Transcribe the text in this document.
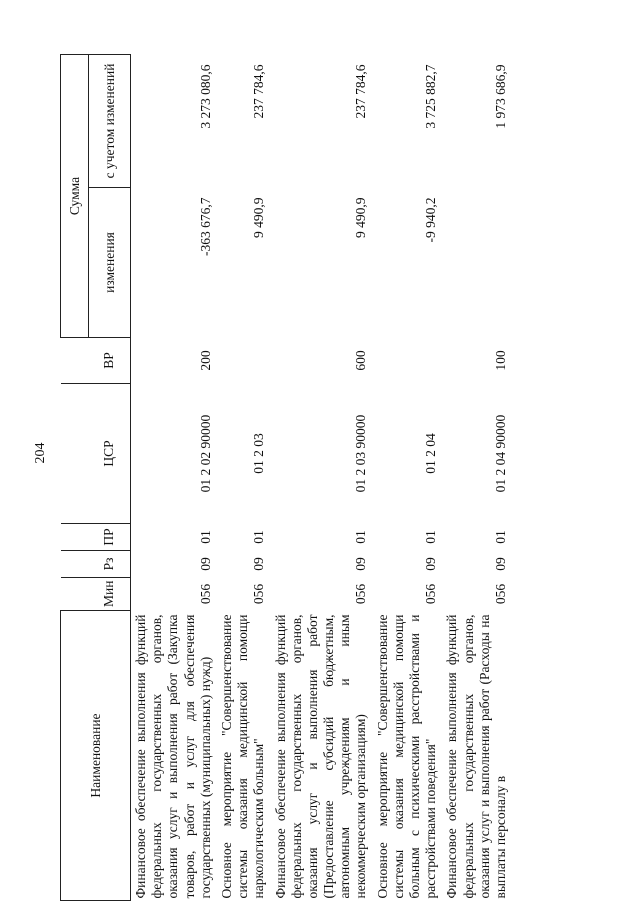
204
Наименование						Сумма	
	Мин	Рз	ПР	ЦСР	ВР	изменения	с учетом изменений
Финансовое обеспечение выполнения функций федеральных государственных органов, оказания услуг и выполнения работ (Закупка товаров, работ и услуг для обеспечения государственных (муниципальных) нужд)	056	09	01	01 2 02 90000	200	-363 676,7	3 273 080,6
Основное мероприятие "Совершенствование системы оказания медицинской помощи наркологическим больным"	056	09	01	01 2 03		9 490,9	237 784,6
Финансовое обеспечение выполнения функций федеральных государственных органов, оказания услуг и выполнения работ (Предоставление субсидий бюджетным, автономным учреждениям и иным некоммерческим организациям)	056	09	01	01 2 03 90000	600	9 490,9	237 784,6
Основное мероприятие "Совершенствование системы оказания медицинской помощи больным с психическими расстройствами и расстройствами поведения"	056	09	01	01 2 04		-9 940,2	3 725 882,7
Финансовое обеспечение выполнения функций федеральных государственных органов, оказания услуг и выполнения работ (Расходы на выплаты персоналу в	056	09	01	01 2 04 90000	100		1 973 686,9
